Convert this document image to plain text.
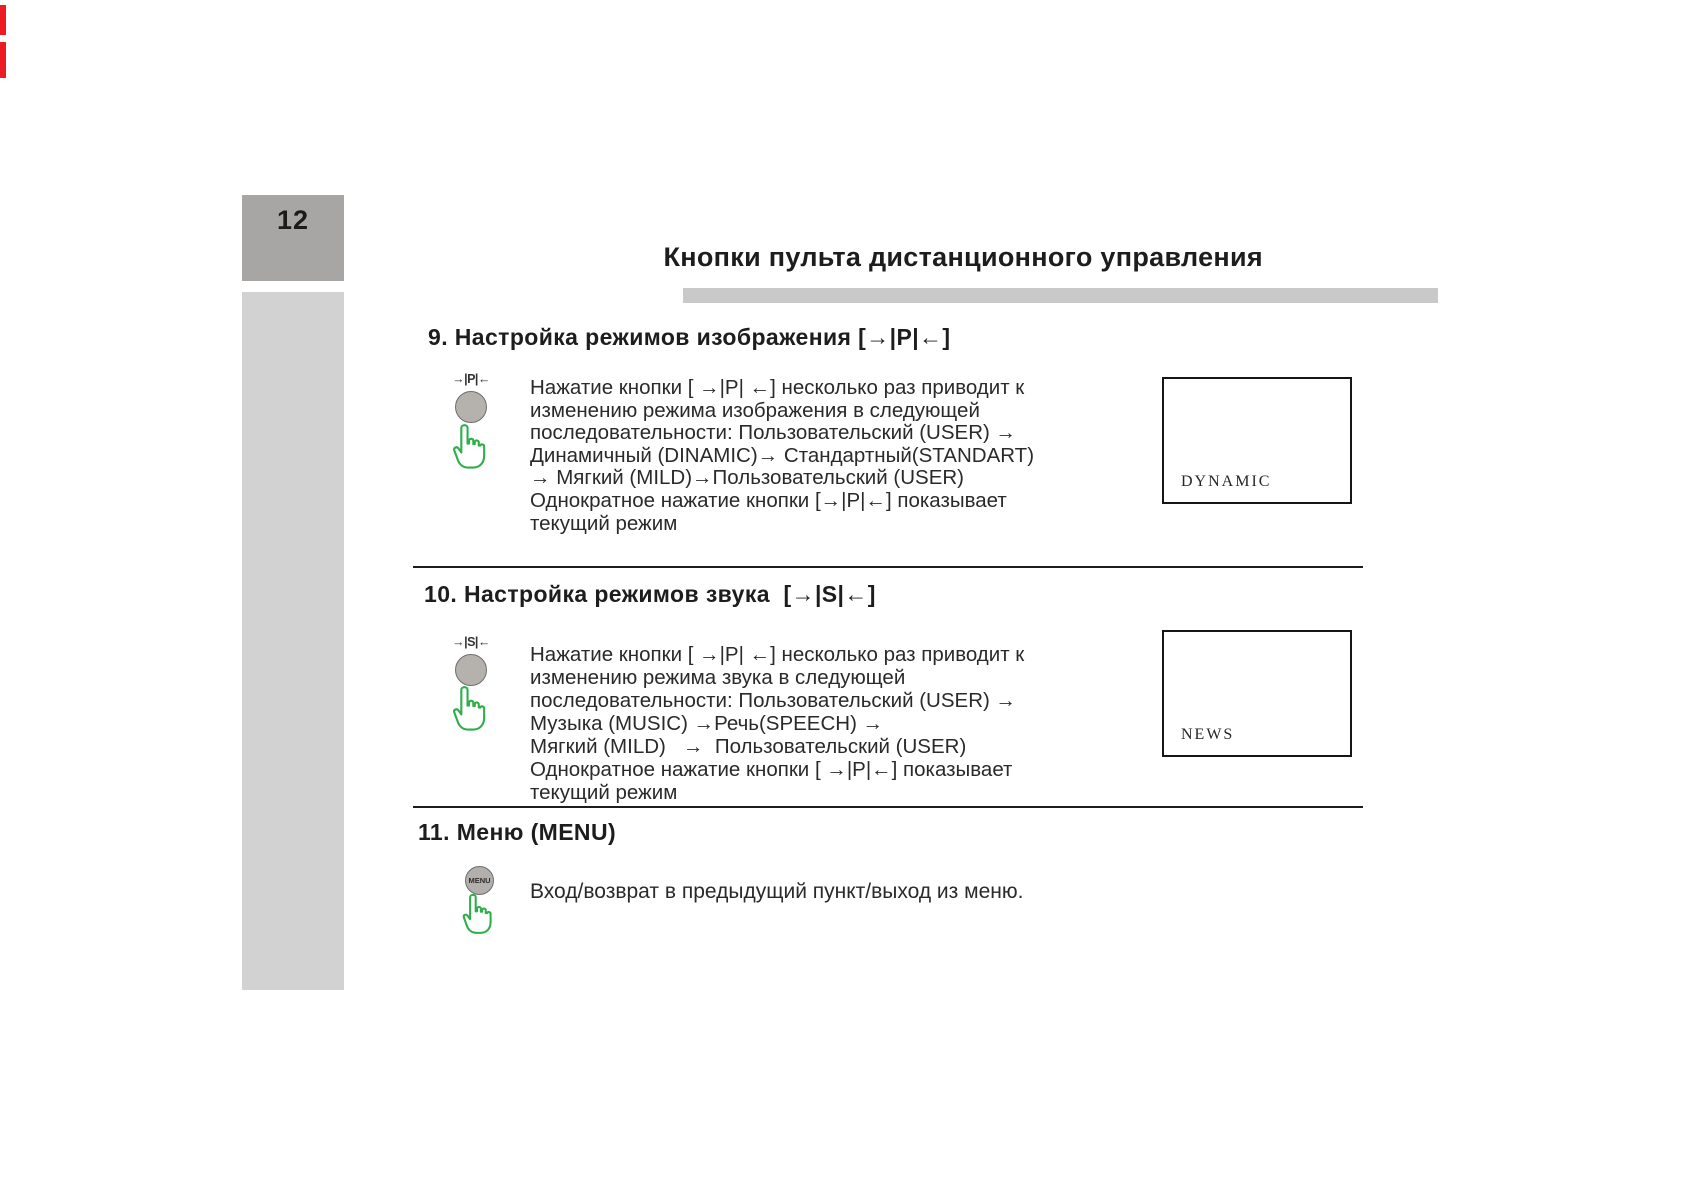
12
Кнопки пульта дистанционного управления
9. Настройка режимов изображения [→|P|←]
→|P|←	Нажатие кнопки [ →|P| ←] несколько раз приводит к
изменению режима изображения в следующей
последовательности: Пользовательский (USER) →
Динамичный (DINAMIC)→ Стандартный(STANDART)
→ Мягкий (MILD)→Пользовательский (USER)
Однократное нажатие кнопки [→|P|←] показывает
текущий режим
DYNAMIC
10. Настройка режимов звука  [→|S|←]
→|S|←
Нажатие кнопки [ →|P| ←] несколько раз приводит к
изменению режима звука в следующей
последовательности: Пользовательский (USER) →
Музыка (MUSIC) →Речь(SPEECH) →
Мягкий (MILD)   →  Пользовательский (USER)
Однократное нажатие кнопки [ →|P|←] показывает
текущий режим
NEWS
11. Меню (MENU)
MENU Вход/возврат в предыдущий пункт/выход из меню.
